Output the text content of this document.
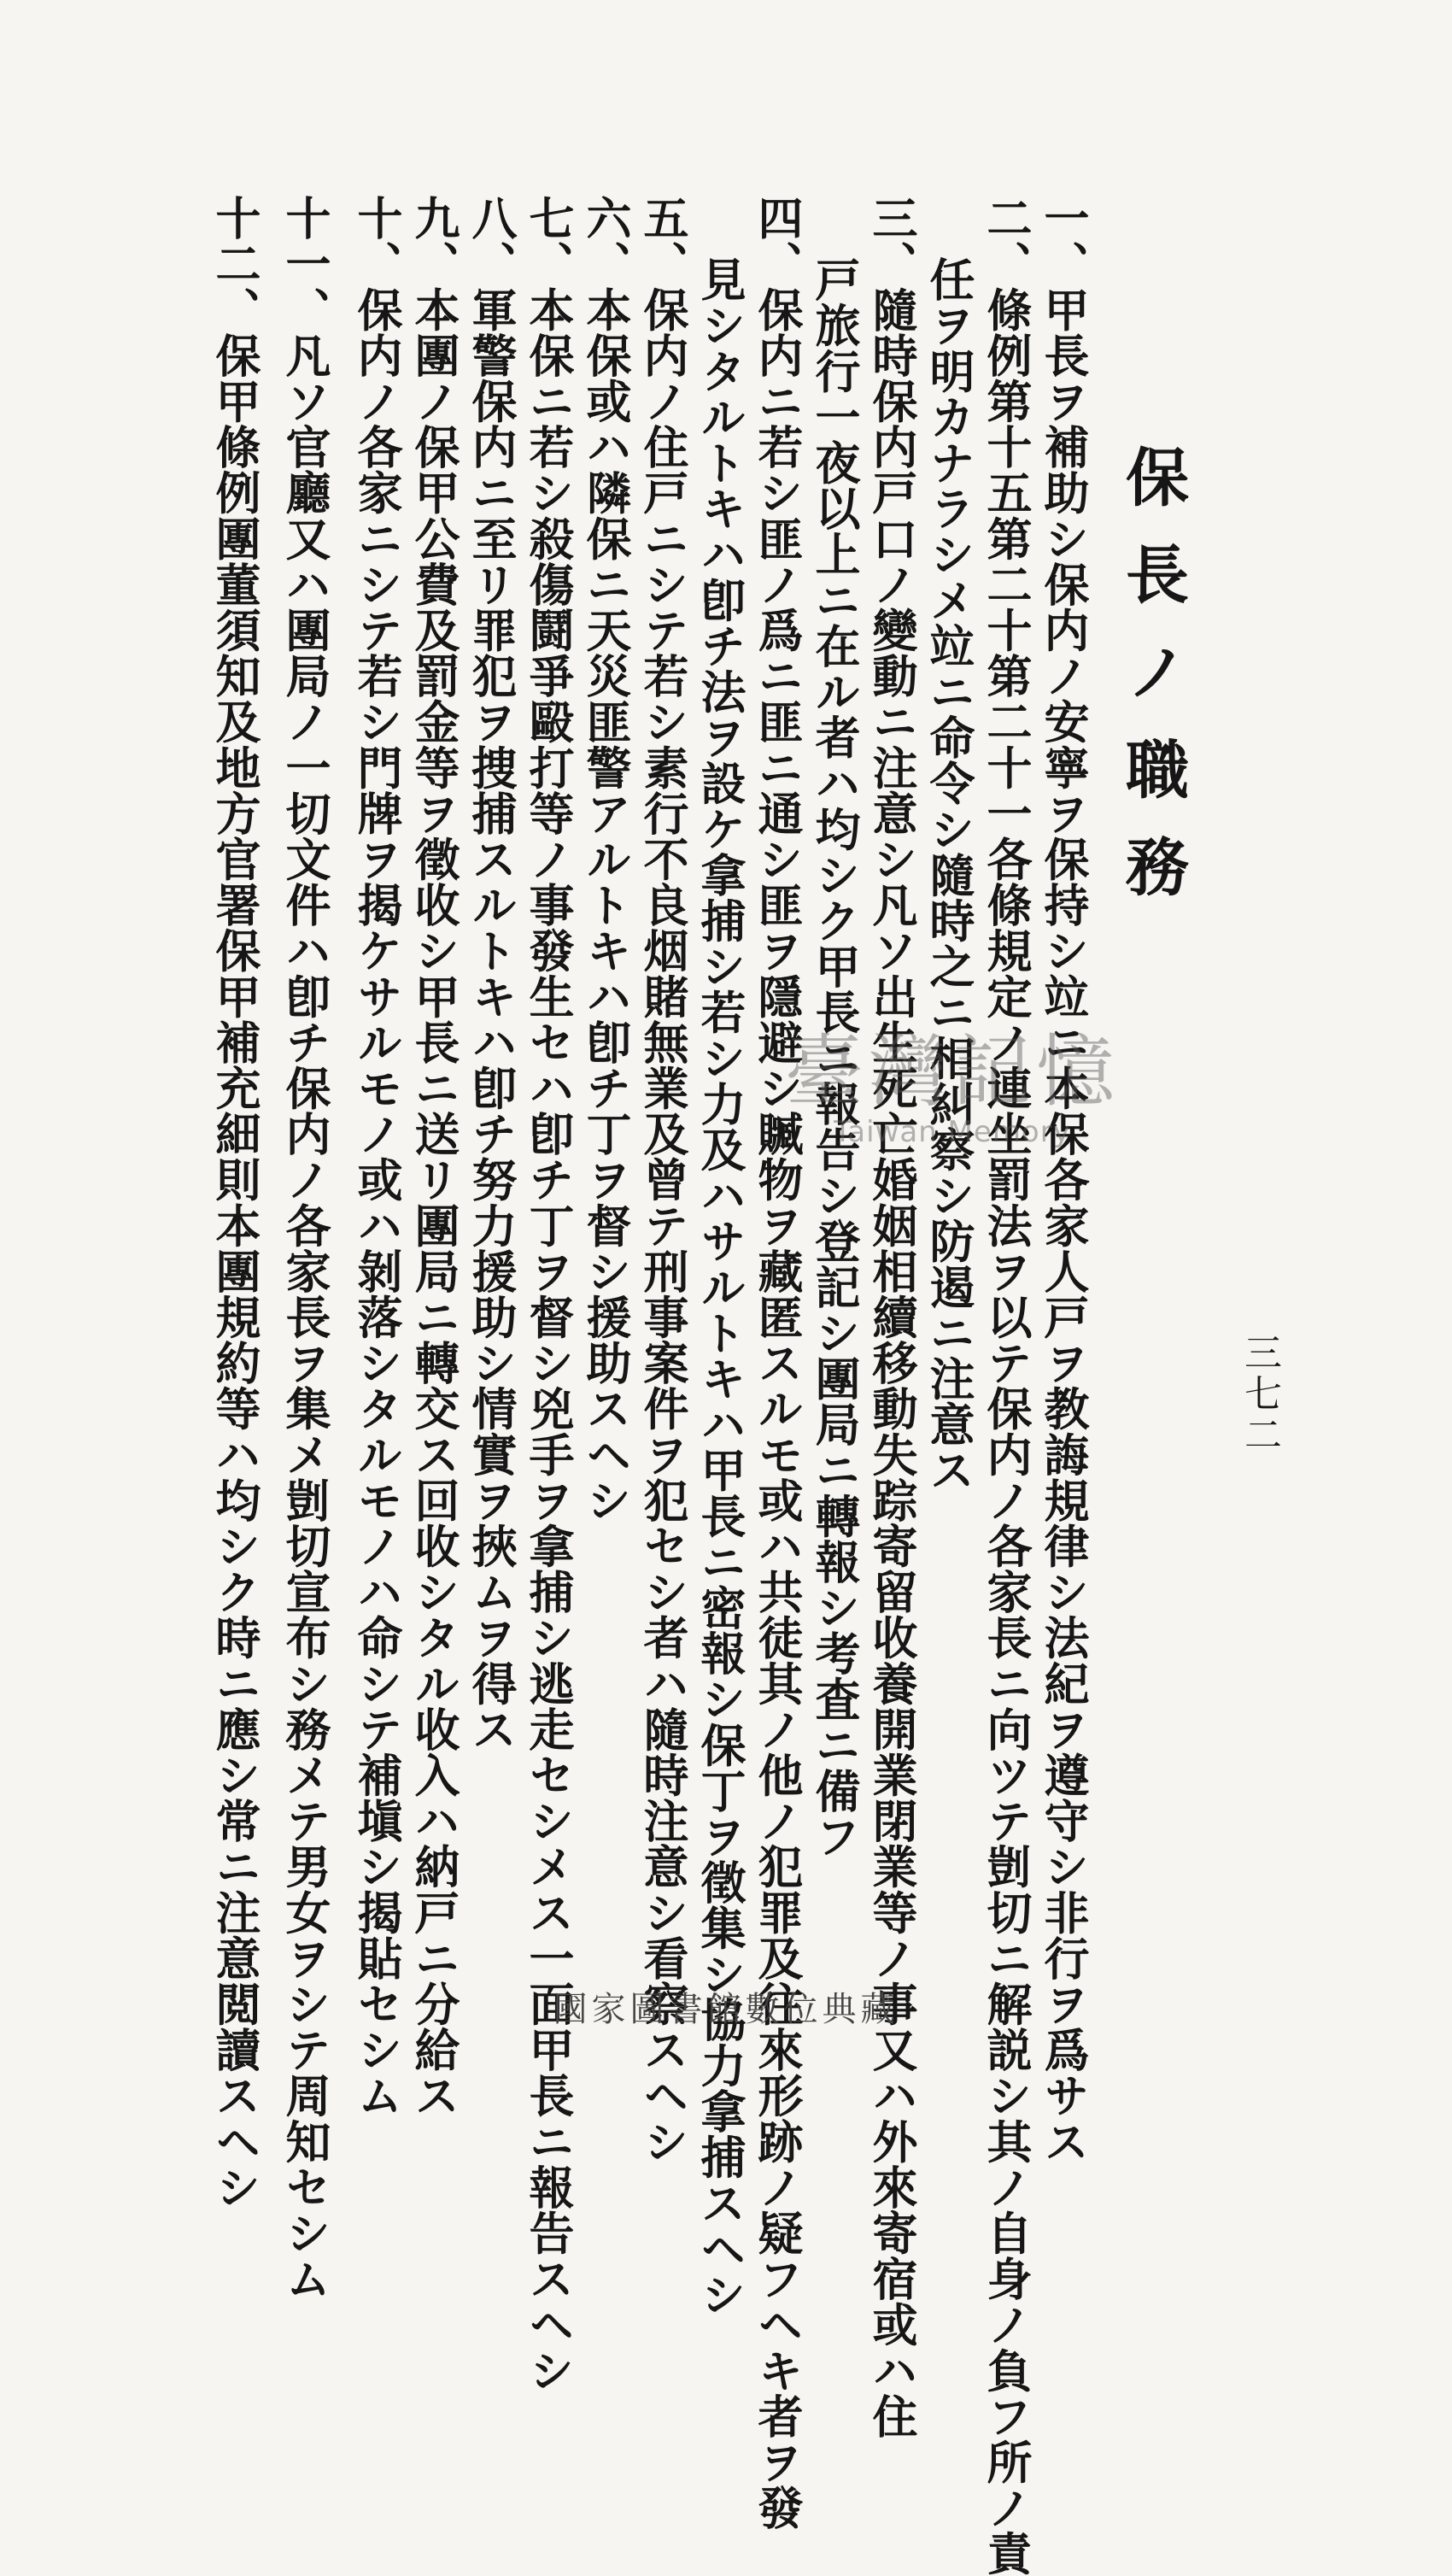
保長ノ職務
三七二
一、甲長ヲ補助シ保内ノ安寧ヲ保持シ竝ニ本保各家人戸ヲ教誨規律シ法紀ヲ遵守シ非行ヲ爲サス
二、條例第十五第二十第二十一各條規定ノ連坐罰法ヲ以テ保内ノ各家長ニ向ツテ剴切ニ解説シ其ノ自身ノ負フ所ノ責
任ヲ明カナラシメ竝ニ命令シ隨時之ニ相糾察シ防遏ニ注意ス
三、隨時保内戸口ノ變動ニ注意シ凡ソ出生死亡婚姻相續移動失踪寄留收養開業閉業等ノ事又ハ外來寄宿或ハ住
戸旅行一夜以上ニ在ル者ハ均シク甲長ニ報告シ登記シ團局ニ轉報シ考査ニ備フ
四、保内ニ若シ匪ノ爲ニ匪ニ通シ匪ヲ隱避シ贓物ヲ藏匿スルモ或ハ共徒其ノ他ノ犯罪及往來形跡ノ疑フヘキ者ヲ發
見シタルトキハ卽チ法ヲ設ケ拿捕シ若シ力及ハサルトキハ甲長ニ密報シ保丁ヲ徵集シ協力拿捕スヘシ
五、保内ノ住戸ニシテ若シ素行不良烟賭無業及曾テ刑事案件ヲ犯セシ者ハ隨時注意シ看察スヘシ
六、本保或ハ隣保ニ天災匪警アルトキハ卽チ丁ヲ督シ援助スヘシ
七、本保ニ若シ殺傷鬪爭毆打等ノ事發生セハ卽チ丁ヲ督シ兇手ヲ拿捕シ逃走セシメス一面甲長ニ報告スヘシ
八、軍警保内ニ至リ罪犯ヲ捜捕スルトキハ卽チ努力援助シ情實ヲ挾ムヲ得ス
九、本團ノ保甲公費及罰金等ヲ徵收シ甲長ニ送リ團局ニ轉交ス回收シタル收入ハ納戸ニ分給ス
十、保内ノ各家ニシテ若シ門牌ヲ揭ケサルモノ或ハ剝落シタルモノハ命シテ補塡シ揭貼セシム
十一、凡ソ官廳又ハ團局ノ一切文件ハ卽チ保内ノ各家長ヲ集メ剴切宣布シ務メテ男女ヲシテ周知セシム
十二、保甲條例團董須知及地方官署保甲補充細則本團規約等ハ均シク時ニ應シ常ニ注意閲讀スヘシ	臺灣記憶
Taiwan Memory
國家圖書館數位典藏
